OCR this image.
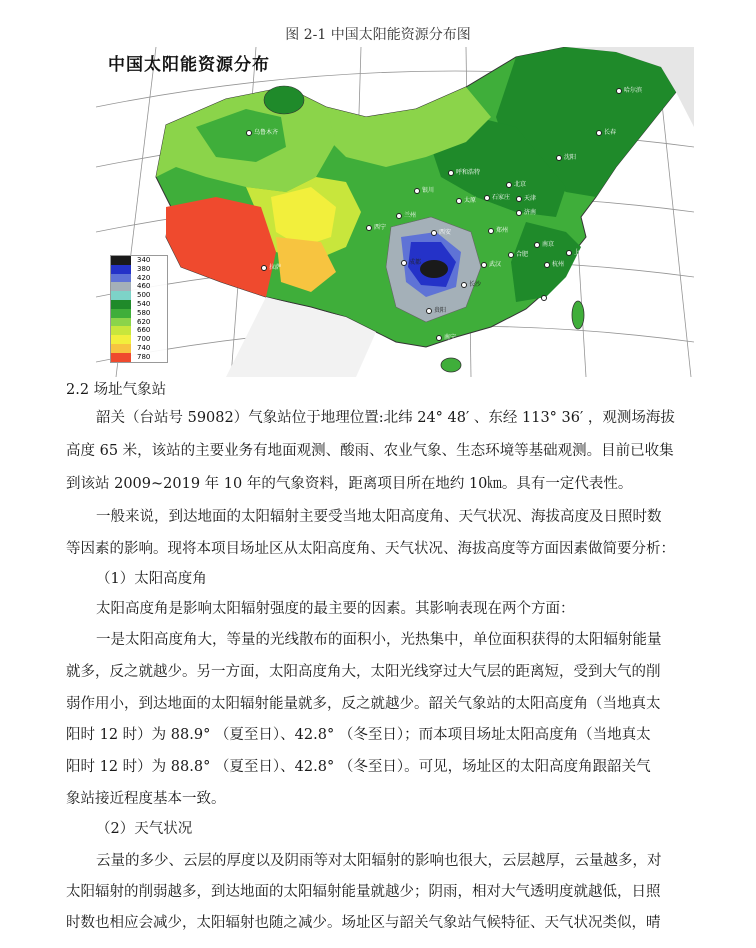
图 2-1 中国太阳能资源分布图
中国太阳能资源分布
340
380
420
460
500
540
580
620
660
700
740
780
哈尔滨
长春
沈阳
呼和浩特
北京
天津
银川
太原	石家庄
济南
乌鲁木齐
西宁
兰州
西安	郑州
合肥
南京
上海
杭州
武汉
长沙
成都
贵阳
南宁
福州
拉萨
2.2 场址气象站
韶关（台站号 59082）气象站位于地理位置:北纬 24° 48′ 、东经 113° 36′ ，观测场海拔
高度 65 米，该站的主要业务有地面观测、酸雨、农业气象、生态环境等基础观测。目前已收集
到该站 2009~2019 年 10 年的气象资料，距离项目所在地约 10㎞。具有一定代表性。
一般来说，到达地面的太阳辐射主要受当地太阳高度角、天气状况、海拔高度及日照时数
等因素的影响。现将本项目场址区从太阳高度角、天气状况、海拔高度等方面因素做简要分析：
（1）太阳高度角
太阳高度角是影响太阳辐射强度的最主要的因素。其影响表现在两个方面：
一是太阳高度角大，等量的光线散布的面积小，光热集中，单位面积获得的太阳辐射能量
就多，反之就越少。另一方面，太阳高度角大，太阳光线穿过大气层的距离短，受到大气的削
弱作用小，到达地面的太阳辐射能量就多，反之就越少。韶关气象站的太阳高度角（当地真太
阳时 12 时）为 88.9° （夏至日）、42.8° （冬至日）；而本项目场址太阳高度角（当地真太
阳时 12 时）为 88.8° （夏至日）、42.8° （冬至日）。可见，场址区的太阳高度角跟韶关气
象站接近程度基本一致。
（2）天气状况
云量的多少、云层的厚度以及阴雨等对太阳辐射的影响也很大，云层越厚，云量越多，对
太阳辐射的削弱越多，到达地面的太阳辐射能量就越少；阴雨，相对大气透明度就越低，日照
时数也相应会减少，太阳辐射也随之减少。场址区与韶关气象站气候特征、天气状况类似，晴
